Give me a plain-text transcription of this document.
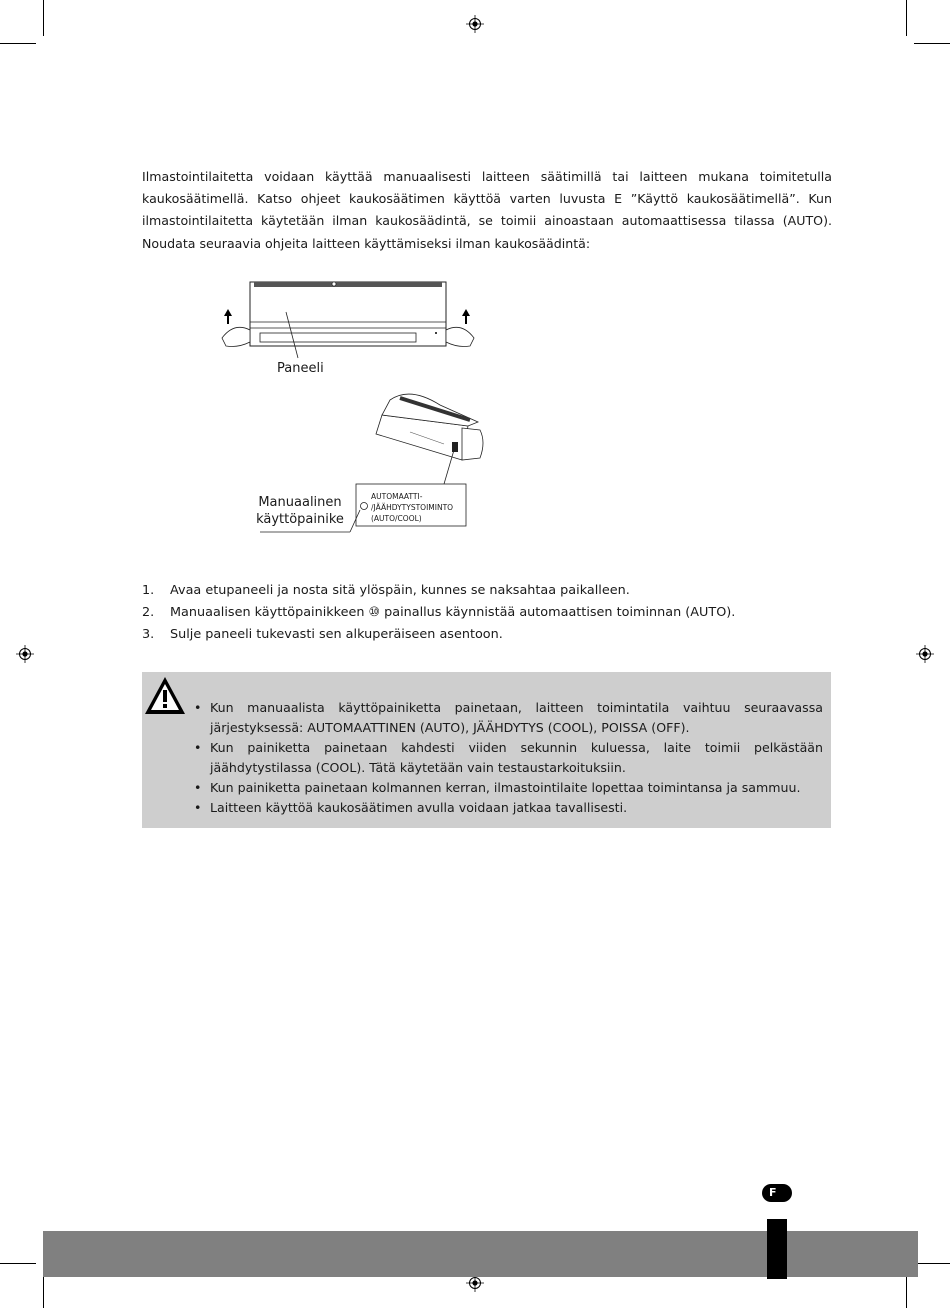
Ilmastointilaitetta voidaan käyttää manuaalisesti laitteen säätimillä tai laitteen mukana toimitetulla kaukosäätimellä. Katso ohjeet kaukosäätimen käyttöä varten luvusta E ”Käyttö kaukosäätimellä”. Kun ilmastointilaitetta käytetään ilman kaukosäädintä, se toimii ainoastaan automaattisessa tilassa (AUTO). Noudata seuraavia ohjeita laitteen käyttämiseksi ilman kaukosäädintä:

Paneeli
Manuaalinen
käyttöpainike
AUTOMAATTI-
/JÄÄHDYTYSTOIMINTO
(AUTO/COOL)
1. Avaa etupaneeli ja nosta sitä ylöspäin, kunnes se naksahtaa paikalleen.
2. Manuaalisen käyttöpainikkeen ⑩ painallus käynnistää automaattisen toiminnan (AUTO).
3. Sulje paneeli tukevasti sen alkuperäiseen asentoon.
• Kun manuaalista käyttöpainiketta painetaan, laitteen toimintatila vaihtuu seuraavassa järjestyksessä: AUTOMAATTINEN (AUTO), JÄÄHDYTYS (COOL), POISSA (OFF).
• Kun painiketta painetaan kahdesti viiden sekunnin kuluessa, laite toimii pelkästään jäähdytystilassa (COOL). Tätä käytetään vain testaustarkoituksiin.
• Kun painiketta painetaan kolmannen kerran, ilmastointilaite lopettaa toimintansa ja sammuu.
• Laitteen käyttöä kaukosäätimen avulla voidaan jatkaa tavallisesti.
F
